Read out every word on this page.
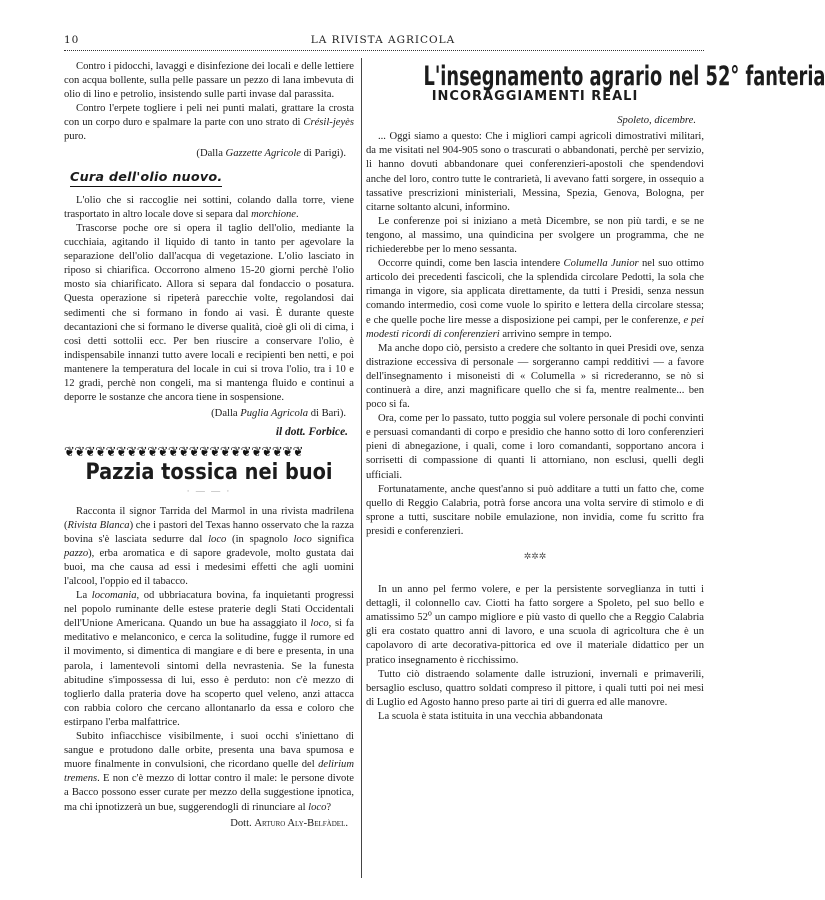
10	LA RIVISTA AGRICOLA

Contro i pidocchi, lavaggi e disinfezione dei locali e delle lettiere con acqua bollente, sulla pelle passare un pezzo di lana imbevuta di olio di lino e petrolio, insistendo sulle parti invase dal parassita.

Contro l'erpete togliere i peli nei punti malati, grattare la crosta con un corpo duro e spalmare la parte con uno strato di Crésil-jeyès puro.

(Dalla Gazzette Agricole di Parigi).
Cura dell'olio nuovo.

L'olio che si raccoglie nei sottini, colando dalla torre, viene trasportato in altro locale dove si separa dal morchione.

Trascorse poche ore si opera il taglio dell'olio, mediante la cucchiaia, agitando il liquido di tanto in tanto per agevolare la separazione dell'olio dall'acqua di vegetazione. L'olio lasciato in riposo si chiarifica. Occorrono almeno 15-20 giorni perchè l'olio mosto sia chiarificato. Allora si separa dal fondaccio o posatura. Questa operazione si ripeterà parecchie volte, regolandosi dai sedimenti che si formano in fondo ai vasi. È durante queste decantazioni che si formano le diverse qualità, cioè gli oli di cima, i così detti sottolii ecc. Per ben riuscire a conservare l'olio, è indispensabile innanzi tutto avere locali e recipienti ben netti, e poi mantenere la temperatura del locale in cui si trova l'olio, tra i 10 e 12 gradi, perchè non congeli, ma si mantenga fluido e continui a deporre le sostanze che ancora tiene in sospensione.

(Dalla Puglia Agricola di Bari).
il dott. Forbice.
❦❦❦❦❦❦❦❦❦❦❦❦❦❦❦❦❦❦❦❦❦❦❦
Pazzia tossica nei buoi
· — — ·

Racconta il signor Tarrida del Marmol in una rivista madrilena (Rivista Blanca) che i pastori del Texas hanno osservato che la razza bovina s'è lasciata sedurre dal loco (in spagnolo loco significa pazzo), erba aromatica e di sapore gradevole, molto gustata dai buoi, ma che causa ad essi i medesimi effetti che agli uomini l'alcool, l'oppio ed il tabacco.

La locomania, od ubbriacatura bovina, fa inquietanti progressi nel popolo ruminante delle estese praterie degli Stati Occidentali dell'Unione Americana. Quando un bue ha assaggiato il loco, si fa meditativo e melanconico, e cerca la solitudine, fugge il rumore ed il movimento, si dimentica di mangiare e di bere e presenta, in una parola, i lamentevoli sintomi della nevrastenia. Se la funesta abitudine s'impossessa di lui, esso è perduto: non c'è mezzo di toglierlo dalla prateria dove ha scoperto quel veleno, anzi attacca con rabbia coloro che cercano allontanarlo da essa e coloro che estirpano l'erba malfattrice.

Subito infiacchisce visibilmente, i suoi occhi s'iniettano di sangue e protudono dalle orbite, presenta una bava spumosa e muore finalmente in convulsioni, che ricordano quelle del delirium tremens. E non c'è mezzo di lottar contro il male: le persone divote a Bacco possono esser curate per mezzo della suggestione ipnotica, ma chi ipnotizzerà un bue, suggerendogli di rinunciare al loco?

Dott. Arturo Aly-Belfàdel.
L'insegnamento agrario nel 52° fanteria
INCORAGGIAMENTI REALI
Spoleto, dicembre.

... Oggi siamo a questo: Che i migliori campi agricoli dimostrativi militari, da me visitati nel 904-905 sono o trascurati o abbandonati, perchè per servizio, li hanno dovuti abbandonare quei conferenzieri-apostoli che spendendovi anche del loro, contro tutte le contrarietà, li avevano fatti sorgere, in ossequio a tassative prescrizioni ministeriali, Messina, Spezia, Genova, Bologna, per citarne soltanto alcuni, informino.

Le conferenze poi si iniziano a metà Dicembre, se non più tardi, e se ne tengono, al massimo, una quindicina per svolgere un programma, che ne richiederebbe per lo meno sessanta.

Occorre quindi, come ben lascia intendere Columella Junior nel suo ottimo articolo dei precedenti fascicoli, che la splendida circolare Pedotti, la sola che rimanga in vigore, sia applicata direttamente, da tutti i Presidi, senza nessun comando intermedio, così come vuole lo spirito e lettera della circolare stessa; e che quelle poche lire messe a disposizione pei campi, per le conferenze, e pei modesti ricordi di conferenzieri arrivino sempre in tempo.

Ma anche dopo ciò, persisto a credere che soltanto in quei Presidi ove, senza distrazione eccessiva di personale — sorgeranno campi redditivi — a favore dell'insegnamento i misoneisti di « Columella » si ricrederanno, se nò si continuerà a dire, anzi magnificare quello che si fa, mentre realmente... ben poco si fa.

Ora, come per lo passato, tutto poggia sul volere personale di pochi convinti e persuasi comandanti di corpo e presidio che hanno sotto di loro conferenzieri pieni di abnegazione, i quali, come i loro comandanti, sopportano ancora i sorrisetti di compassione di quanti li attorniano, non esclusi, quelli degli ufficiali.

Fortunatamente, anche quest'anno si può additare a tutti un fatto che, come quello di Reggio Calabria, potrà forse ancora una volta servire di stimolo e di sprone a tutti, suscitare nobile emulazione, non invidia, come fu scritto fra presidi e conferenzieri.

✲✲✲

In un anno pel fermo volere, e per la persistente sorveglianza in tutti i dettagli, il colonnello cav. Ciotti ha fatto sorgere a Spoleto, pel suo bello e amatissimo 52$^o$ un campo migliore e più vasto di quello che a Reggio Calabria gli era costato quattro anni di lavoro, e una scuola di agricoltura che è un capolavoro di arte decorativa-pittorica ed ove il materiale didattico per un pratico insegnamento è ricchissimo.

Tutto ciò distraendo solamente dalle istruzioni, invernali e primaverili, bersaglio escluso, quattro soldati compreso il pittore, i quali tutti poi nei mesi di Luglio ed Agosto hanno preso parte ai tiri di guerra ed alle manovre.

La scuola è stata istituita in una vecchia abbandonata
